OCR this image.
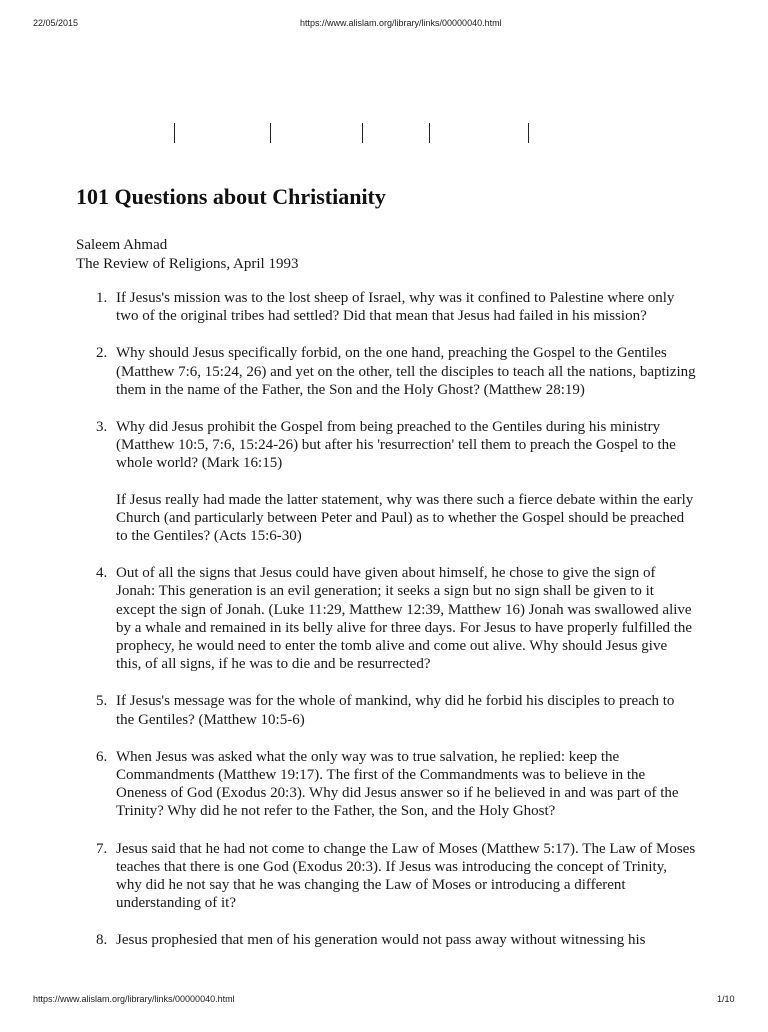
22/05/2015	https://www.alislam.org/library/links/00000040.html
101 Questions about Christianity
Saleem Ahmad
The Review of Religions, April 1993
1. If Jesus's mission was to the lost sheep of Israel, why was it confined to Palestine where only two of the original tribes had settled? Did that mean that Jesus had failed in his mission?

2. Why should Jesus specifically forbid, on the one hand, preaching the Gospel to the Gentiles (Matthew 7:6, 15:24, 26) and yet on the other, tell the disciples to teach all the nations, baptizing them in the name of the Father, the Son and the Holy Ghost? (Matthew 28:19)

3. Why did Jesus prohibit the Gospel from being preached to the Gentiles during his ministry (Matthew 10:5, 7:6, 15:24-26) but after his 'resurrection' tell them to preach the Gospel to the whole world? (Mark 16:15)

If Jesus really had made the latter statement, why was there such a fierce debate within the early Church (and particularly between Peter and Paul) as to whether the Gospel should be preached to the Gentiles? (Acts 15:6-30)

4. Out of all the signs that Jesus could have given about himself, he chose to give the sign of Jonah: This generation is an evil generation; it seeks a sign but no sign shall be given to it except the sign of Jonah. (Luke 11:29, Matthew 12:39, Matthew 16) Jonah was swallowed alive by a whale and remained in its belly alive for three days. For Jesus to have properly fulfilled the prophecy, he would need to enter the tomb alive and come out alive. Why should Jesus give this, of all signs, if he was to die and be resurrected?

5. If Jesus's message was for the whole of mankind, why did he forbid his disciples to preach to the Gentiles? (Matthew 10:5-6)

6. When Jesus was asked what the only way was to true salvation, he replied: keep the Commandments (Matthew 19:17). The first of the Commandments was to believe in the Oneness of God (Exodus 20:3). Why did Jesus answer so if he believed in and was part of the Trinity? Why did he not refer to the Father, the Son, and the Holy Ghost?

7. Jesus said that he had not come to change the Law of Moses (Matthew 5:17). The Law of Moses teaches that there is one God (Exodus 20:3). If Jesus was introducing the concept of Trinity, why did he not say that he was changing the Law of Moses or introducing a different understanding of it?

8. Jesus prophesied that men of his generation would not pass away without witnessing his

https://www.alislam.org/library/links/00000040.html	1/10
